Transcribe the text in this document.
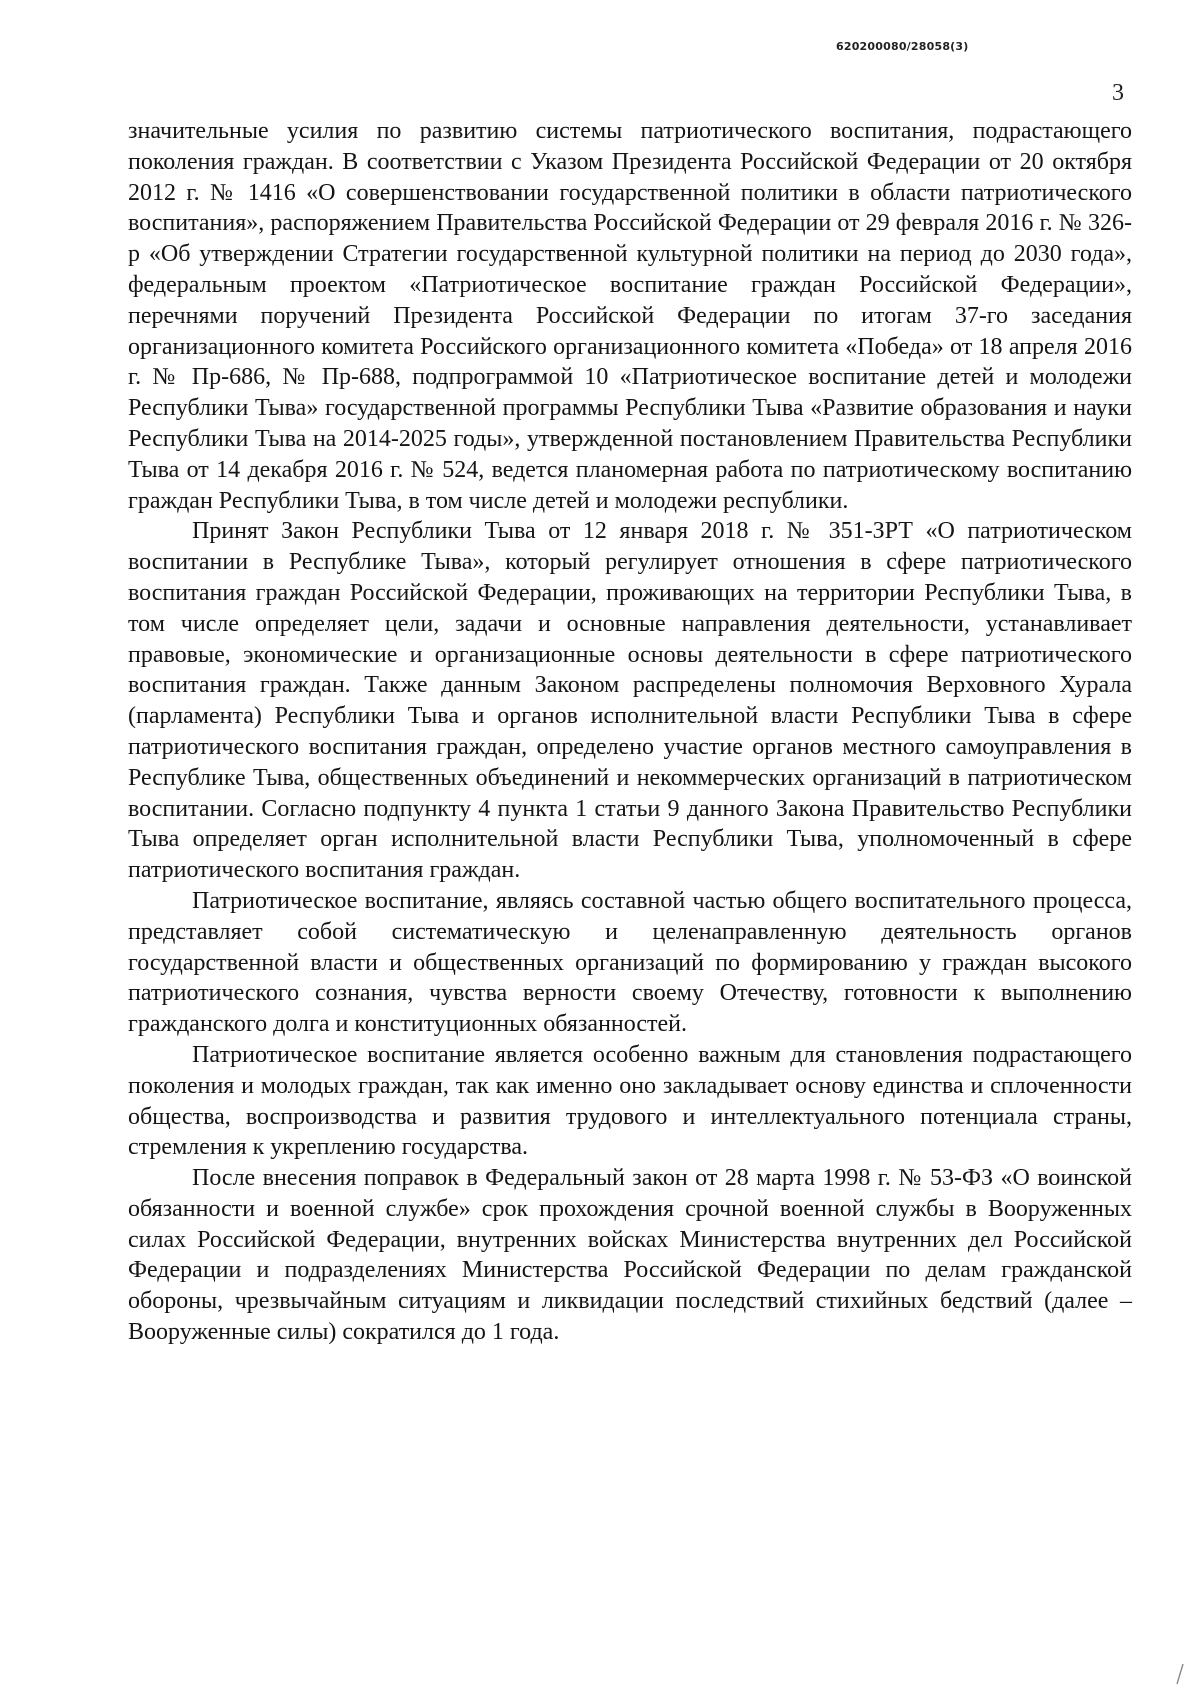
620200080/28058(3)
3

значительные усилия по развитию системы патриотического воспитания, подрастающего поколения граждан. В соответствии с Указом Президента Российской Федерации от 20 октября 2012 г. № 1416 «О совершенствовании государственной политики в области патриотического воспитания», распоряжением Правительства Российской Федерации от 29 февраля 2016 г. № 326-р «Об утверждении Стратегии государственной культурной политики на период до 2030 года», федеральным проектом «Патриотическое воспитание граждан Российской Федерации», перечнями поручений Президента Российской Федерации по итогам 37-го заседания организационного комитета Российского организационного комитета «Победа» от 18 апреля 2016 г. № Пр-686, № Пр-688, подпрограммой 10 «Патриотическое воспитание детей и молодежи Республики Тыва» государственной программы Республики Тыва «Развитие образования и науки Республики Тыва на 2014-2025 годы», утвержденной постановлением Правительства Республики Тыва от 14 декабря 2016 г. № 524, ведется планомерная работа по патриотическому воспитанию граждан Республики Тыва, в том числе детей и молодежи республики.

Принят Закон Республики Тыва от 12 января 2018 г. № 351-ЗРТ «О патриотическом воспитании в Республике Тыва», который регулирует отношения в сфере патриотического воспитания граждан Российской Федерации, проживающих на территории Республики Тыва, в том числе определяет цели, задачи и основные направления деятельности, устанавливает правовые, экономические и организационные основы деятельности в сфере патриотического воспитания граждан. Также данным Законом распределены полномочия Верховного Хурала (парламента) Республики Тыва и органов исполнительной власти Республики Тыва в сфере патриотического воспитания граждан, определено участие органов местного самоуправления в Республике Тыва, общественных объединений и некоммерческих организаций в патриотическом воспитании. Согласно подпункту 4 пункта 1 статьи 9 данного Закона Правительство Республики Тыва определяет орган исполнительной власти Республики Тыва, уполномоченный в сфере патриотического воспитания граждан.

Патриотическое воспитание, являясь составной частью общего воспитательного процесса, представляет собой систематическую и целенаправленную деятельность органов государственной власти и общественных организаций по формированию у граждан высокого патриотического сознания, чувства верности своему Отечеству, готовности к выполнению гражданского долга и конституционных обязанностей.

Патриотическое воспитание является особенно важным для становления подрастающего поколения и молодых граждан, так как именно оно закладывает основу единства и сплоченности общества, воспроизводства и развития трудового и интеллектуального потенциала страны, стремления к укреплению государства.

После внесения поправок в Федеральный закон от 28 марта 1998 г. № 53-ФЗ «О воинской обязанности и военной службе» срок прохождения срочной военной службы в Вооруженных силах Российской Федерации, внутренних войсках Министерства внутренних дел Российской Федерации и подразделениях Министерства Российской Федерации по делам гражданской обороны, чрезвычайным ситуациям и ликвидации последствий стихийных бедствий (далее – Вооруженные силы) сократился до 1 года.
